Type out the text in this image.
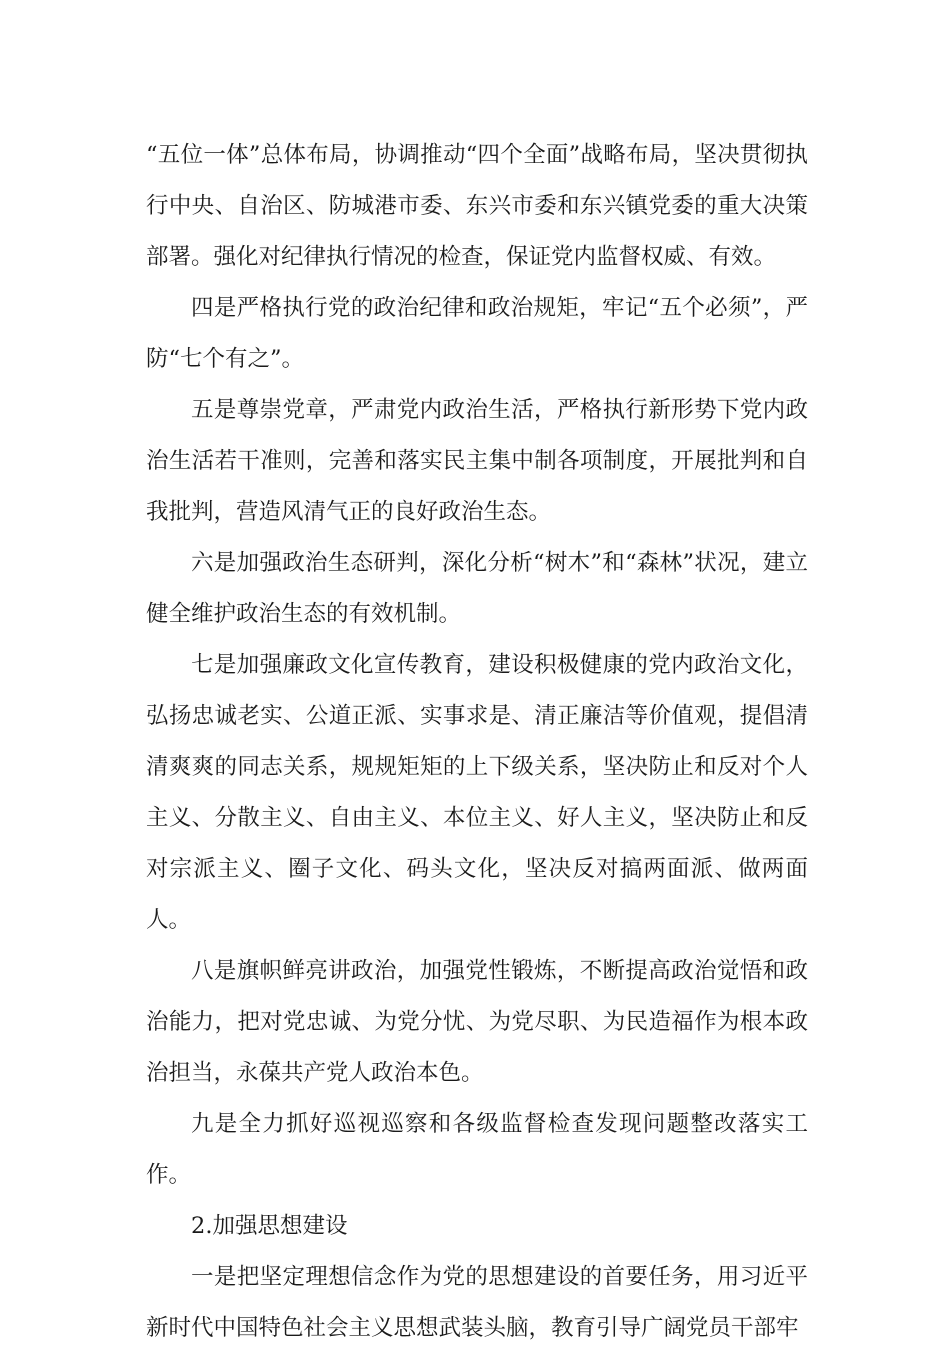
“五位一体”总体布局，协调推动“四个全面”战略布局，坚决贯彻执行中央、自治区、防城港市委、东兴市委和东兴镇党委的重大决策部署。强化对纪律执行情况的检查，保证党内监督权威、有效。

四是严格执行党的政治纪律和政治规矩，牢记“五个必须”，严防“七个有之”。

五是尊崇党章，严肃党内政治生活，严格执行新形势下党内政治生活若干准则，完善和落实民主集中制各项制度，开展批判和自我批判，营造风清气正的良好政治生态。

六是加强政治生态研判，深化分析“树木”和“森林”状况，建立健全维护政治生态的有效机制。

七是加强廉政文化宣传教育，建设积极健康的党内政治文化，弘扬忠诚老实、公道正派、实事求是、清正廉洁等价值观，提倡清清爽爽的同志关系，规规矩矩的上下级关系，坚决防止和反对个人主义、分散主义、自由主义、本位主义、好人主义，坚决防止和反对宗派主义、圈子文化、码头文化，坚决反对搞两面派、做两面人。

八是旗帜鲜亮讲政治，加强党性锻炼，不断提高政治觉悟和政治能力，把对党忠诚、为党分忧、为党尽职、为民造福作为根本政治担当，永葆共产党人政治本色。

九是全力抓好巡视巡察和各级监督检查发现问题整改落实工作。

2.加强思想建设

一是把坚定理想信念作为党的思想建设的首要任务，用习近平新时代中国特色社会主义思想武装头脑，教育引导广阔党员干部牢
